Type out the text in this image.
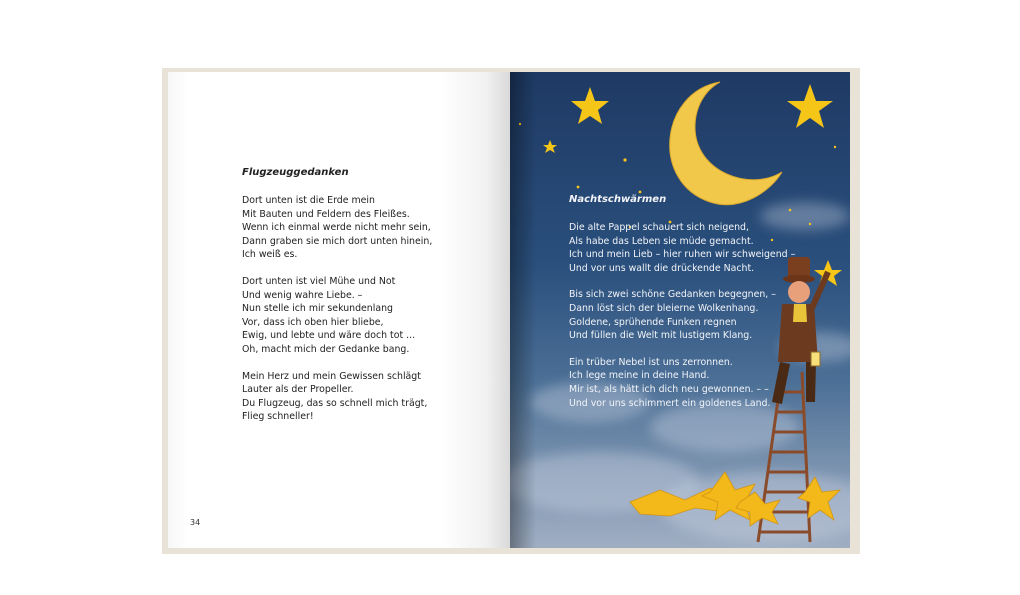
Flugzeuggedanken
Dort unten ist die Erde mein
Mit Bauten und Feldern des Fleißes.
Wenn ich einmal werde nicht mehr sein,
Dann graben sie mich dort unten hinein,
Ich weiß es.
Dort unten ist viel Mühe und Not
Und wenig wahre Liebe. –
Nun stelle ich mir sekundenlang
Vor, dass ich oben hier bliebe,
Ewig, und lebte und wäre doch tot ...
Oh, macht mich der Gedanke bang.
Mein Herz und mein Gewissen schlägt
Lauter als der Propeller.
Du Flugzeug, das so schnell mich trägt,
Flieg schneller!
34
Nachtschwärmen
Die alte Pappel schauert sich neigend,
Als habe das Leben sie müde gemacht.
Ich und mein Lieb – hier ruhen wir schweigend –
Und vor uns wallt die drückende Nacht.
Bis sich zwei schöne Gedanken begegnen, –
Dann löst sich der bleierne Wolkenhang.
Goldene, sprühende Funken regnen
Und füllen die Welt mit lustigem Klang.
Ein trüber Nebel ist uns zerronnen.
Ich lege meine in deine Hand.
Mir ist, als hätt ich dich neu gewonnen. – –
Und vor uns schimmert ein goldenes Land.
